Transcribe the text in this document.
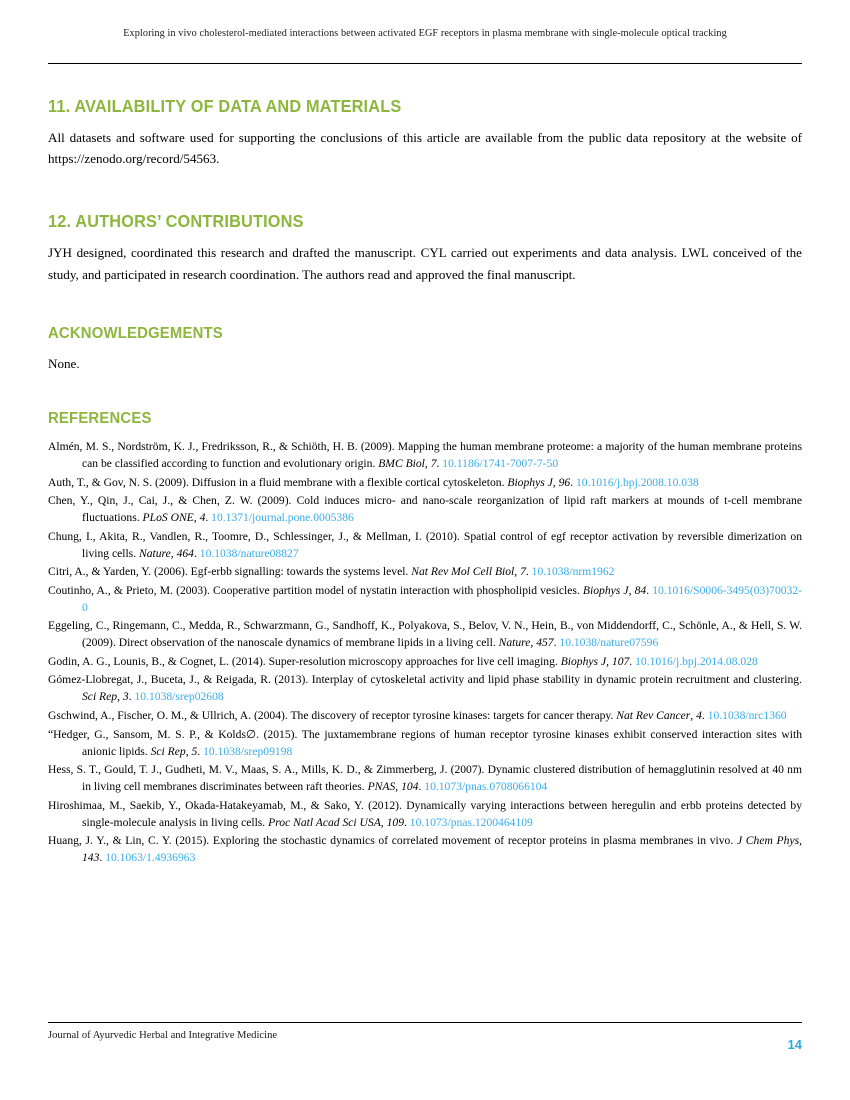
Exploring in vivo cholesterol-mediated interactions between activated EGF receptors in plasma membrane with single-molecule optical tracking
11. AVAILABILITY OF DATA AND MATERIALS

All datasets and software used for supporting the conclusions of this article are available from the public data repository at the website of https://zenodo.org/record/54563.

12. AUTHORS’ CONTRIBUTIONS

JYH designed, coordinated this research and drafted the manuscript. CYL carried out experiments and data analysis. LWL conceived of the study, and participated in research coordination. The authors read and approved the final manuscript.

ACKNOWLEDGEMENTS

None.

REFERENCES
Almén, M. S., Nordström, K. J., Fredriksson, R., & Schiöth, H. B. (2009). Mapping the human membrane proteome: a majority of the human membrane proteins can be classified according to function and evolutionary origin. BMC Biol, 7. 10.1186/1741-7007-7-50
Auth, T., & Gov, N. S. (2009). Diffusion in a fluid membrane with a flexible cortical cytoskeleton. Biophys J, 96. 10.1016/j.bpj.2008.10.038
Chen, Y., Qin, J., Cai, J., & Chen, Z. W. (2009). Cold induces micro- and nano-scale reorganization of lipid raft markers at mounds of t-cell membrane fluctuations. PLoS ONE, 4. 10.1371/journal.pone.0005386
Chung, I., Akita, R., Vandlen, R., Toomre, D., Schlessinger, J., & Mellman, I. (2010). Spatial control of egf receptor activation by reversible dimerization on living cells. Nature, 464. 10.1038/nature08827
Citri, A., & Yarden, Y. (2006). Egf-erbb signalling: towards the systems level. Nat Rev Mol Cell Biol, 7. 10.1038/nrm1962
Coutinho, A., & Prieto, M. (2003). Cooperative partition model of nystatin interaction with phospholipid vesicles. Biophys J, 84. 10.1016/S0006-3495(03)70032-0
Eggeling, C., Ringemann, C., Medda, R., Schwarzmann, G., Sandhoff, K., Polyakova, S., Belov, V. N., Hein, B., von Middendorff, C., Schönle, A., & Hell, S. W. (2009). Direct observation of the nanoscale dynamics of membrane lipids in a living cell. Nature, 457. 10.1038/nature07596
Godin, A. G., Lounis, B., & Cognet, L. (2014). Super-resolution microscopy approaches for live cell imaging. Biophys J, 107. 10.1016/j.bpj.2014.08.028
Gómez-Llobregat, J., Buceta, J., & Reigada, R. (2013). Interplay of cytoskeletal activity and lipid phase stability in dynamic protein recruitment and clustering. Sci Rep, 3. 10.1038/srep02608
Gschwind, A., Fischer, O. M., & Ullrich, A. (2004). The discovery of receptor tyrosine kinases: targets for cancer therapy. Nat Rev Cancer, 4. 10.1038/nrc1360
“Hedger, G., Sansom, M. S. P., & Kolds∅. (2015). The juxtamembrane regions of human receptor tyrosine kinases exhibit conserved interaction sites with anionic lipids. Sci Rep, 5. 10.1038/srep09198
Hess, S. T., Gould, T. J., Gudheti, M. V., Maas, S. A., Mills, K. D., & Zimmerberg, J. (2007). Dynamic clustered distribution of hemagglutinin resolved at 40 nm in living cell membranes discriminates between raft theories. PNAS, 104. 10.1073/pnas.0708066104
Hiroshimaa, M., Saekib, Y., Okada-Hatakeyamab, M., & Sako, Y. (2012). Dynamically varying interactions between heregulin and erbb proteins detected by single-molecule analysis in living cells. Proc Natl Acad Sci USA, 109. 10.1073/pnas.1200464109
Huang, J. Y., & Lin, C. Y. (2015). Exploring the stochastic dynamics of correlated movement of receptor proteins in plasma membranes in vivo. J Chem Phys, 143. 10.1063/1.4936963
Journal of Ayurvedic Herbal and Integrative Medicine
14
